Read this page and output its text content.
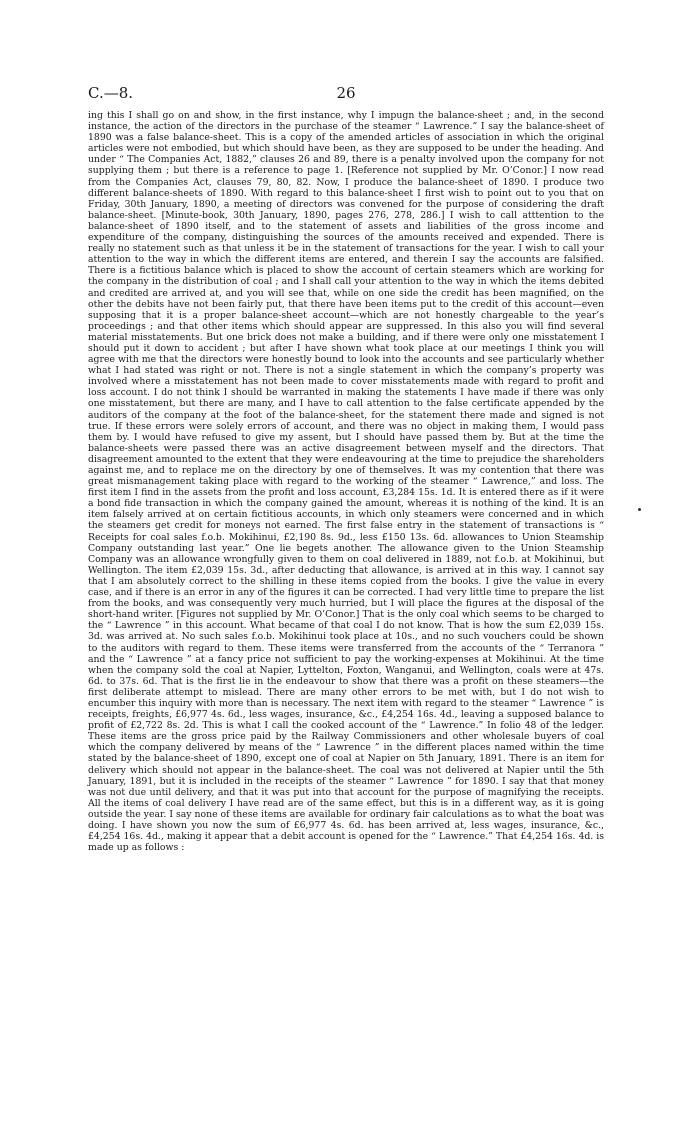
C.—8.	26

ing this I shall go on and show, in the first instance, why I impugn the balance-sheet ; and, in the second instance, the action of the directors in the purchase of the steamer “ Lawrence.” I say the balance-sheet of 1890 was a false balance-sheet. This is a copy of the amended articles of association in which the original articles were not embodied, but which should have been, as they are supposed to be under the heading. And under “ The Companies Act, 1882,” clauses 26 and 89, there is a penalty involved upon the company for not supplying them ; but there is a reference to page 1. [Reference not supplied by Mr. O’Conor.] I now read from the Companies Act, clauses 79, 80, 82. Now, I produce the balance-sheet of 1890. I produce two different balance-sheets of 1890. With regard to this balance-sheet I first wish to point out to you that on Friday, 30th January, 1890, a meeting of directors was convened for the purpose of considering the draft balance-sheet. [Minute-book, 30th January, 1890, pages 276, 278, 286.] I wish to call atttention to the balance-sheet of 1890 itself, and to the statement of assets and liabilities of the gross income and expenditure of the company, distinguishing the sources of the amounts received and expended. There is really no statement such as that unless it be in the statement of transactions for the year. I wish to call your attention to the way in which the different items are entered, and therein I say the accounts are falsified. There is a fictitious balance which is placed to show the account of certain steamers which are working for the company in the distribution of coal ; and I shall call your attention to the way in which the items debited and credited are arrived at, and you will see that, while on one side the credit has been magnified, on the other the debits have not been fairly put, that there have been items put to the credit of this account—even supposing that it is a proper balance-sheet account—which are not honestly chargeable to the year’s proceedings ; and that other items which should appear are suppressed. In this also you will find several material misstatements. But one brick does not make a building, and if there were only one misstatement I should put it down to accident ; but after I have shown what took place at our meetings I think you will agree with me that the directors were honestly bound to look into the accounts and see particularly whether what I had stated was right or not. There is not a single statement in which the company’s property was involved where a misstatement has not been made to cover misstatements made with regard to profit and loss account. I do not think I should be warranted in making the statements I have made if there was only one misstatement, but there are many, and I have to call attention to the false certificate appended by the auditors of the company at the foot of the balance-sheet, for the statement there made and signed is not true. If these errors were solely errors of account, and there was no object in making them, I would pass them by. I would have refused to give my assent, but I should have passed them by. But at the time the balance-sheets were passed there was an active disagreement between myself and the directors. That disagreement amounted to the extent that they were endeavouring at the time to prejudice the shareholders against me, and to replace me on the directory by one of themselves. It was my contention that there was great mismanagement taking place with regard to the working of the steamer “ Lawrence,” and loss. The first item I find in the assets from the profit and loss account, £3,284 15s. 1d. It is entered there as if it were a bond fide transaction in which the company gained the amount, whereas it is nothing of the kind. It is an item falsely arrived at on certain fictitious accounts, in which only steamers were concerned and in which the steamers get credit for moneys not earned. The first false entry in the statement of transactions is “ Receipts for coal sales f.o.b. Mokihinui, £2,190 8s. 9d., less £150 13s. 6d. allowances to Union Steamship Company outstanding last year.” One lie begets another. The allowance given to the Union Steamship Company was an allowance wrongfully given to them on coal delivered in 1889, not f.o.b. at Mokihinui, but Wellington. The item £2,039 15s. 3d., after deducting that allowance, is arrived at in this way. I cannot say that I am absolutely correct to the shilling in these items copied from the books. I give the value in every case, and if there is an error in any of the figures it can be corrected. I had very little time to prepare the list from the books, and was consequently very much hurried, but I will place the figures at the disposal of the short-hand writer. [Figures not supplied by Mr. O’Conor.] That is the only coal which seems to be charged to the “ Lawrence ” in this account. What became of that coal I do not know. That is how the sum £2,039 15s. 3d. was arrived at. No such sales f.o.b. Mokihinui took place at 10s., and no such vouchers could be shown to the auditors with regard to them. These items were transferred from the accounts of the “ Terranora ” and the “ Lawrence ” at a fancy price not sufficient to pay the working-expenses at Mokihinui. At the time when the company sold the coal at Napier, Lyttelton, Foxton, Wanganui, and Wellington, coals were at 47s. 6d. to 37s. 6d. That is the first lie in the endeavour to show that there was a profit on these steamers—the first deliberate attempt to mislead. There are many other errors to be met with, but I do not wish to encumber this inquiry with more than is necessary. The next item with regard to the steamer “ Lawrence ” is receipts, freights, £6,977 4s. 6d., less wages, insurance, &c., £4,254 16s. 4d., leaving a supposed balance to profit of £2,722 8s. 2d. This is what I call the cooked account of the “ Lawrence.” In folio 48 of the ledger. These items are the gross price paid by the Railway Commissioners and other wholesale buyers of coal which the company delivered by means of the “ Lawrence ” in the different places named within the time stated by the balance-sheet of 1890, except one of coal at Napier on 5th January, 1891. There is an item for delivery which should not appear in the balance-sheet. The coal was not delivered at Napier until the 5th January, 1891, but it is included in the receipts of the steamer “ Lawrence ” for 1890. I say that that money was not due until delivery, and that it was put into that account for the purpose of magnifying the receipts. All the items of coal delivery I have read are of the same effect, but this is in a different way, as it is going outside the year. I say none of these items are available for ordinary fair calculations as to what the boat was doing. I have shown you now the sum of £6,977 4s. 6d. has been arrived at, less wages, insurance, &c., £4,254 16s. 4d., making it appear that a debit account is opened for the “ Lawrence.” That £4,254 16s. 4d. is made up as follows :
